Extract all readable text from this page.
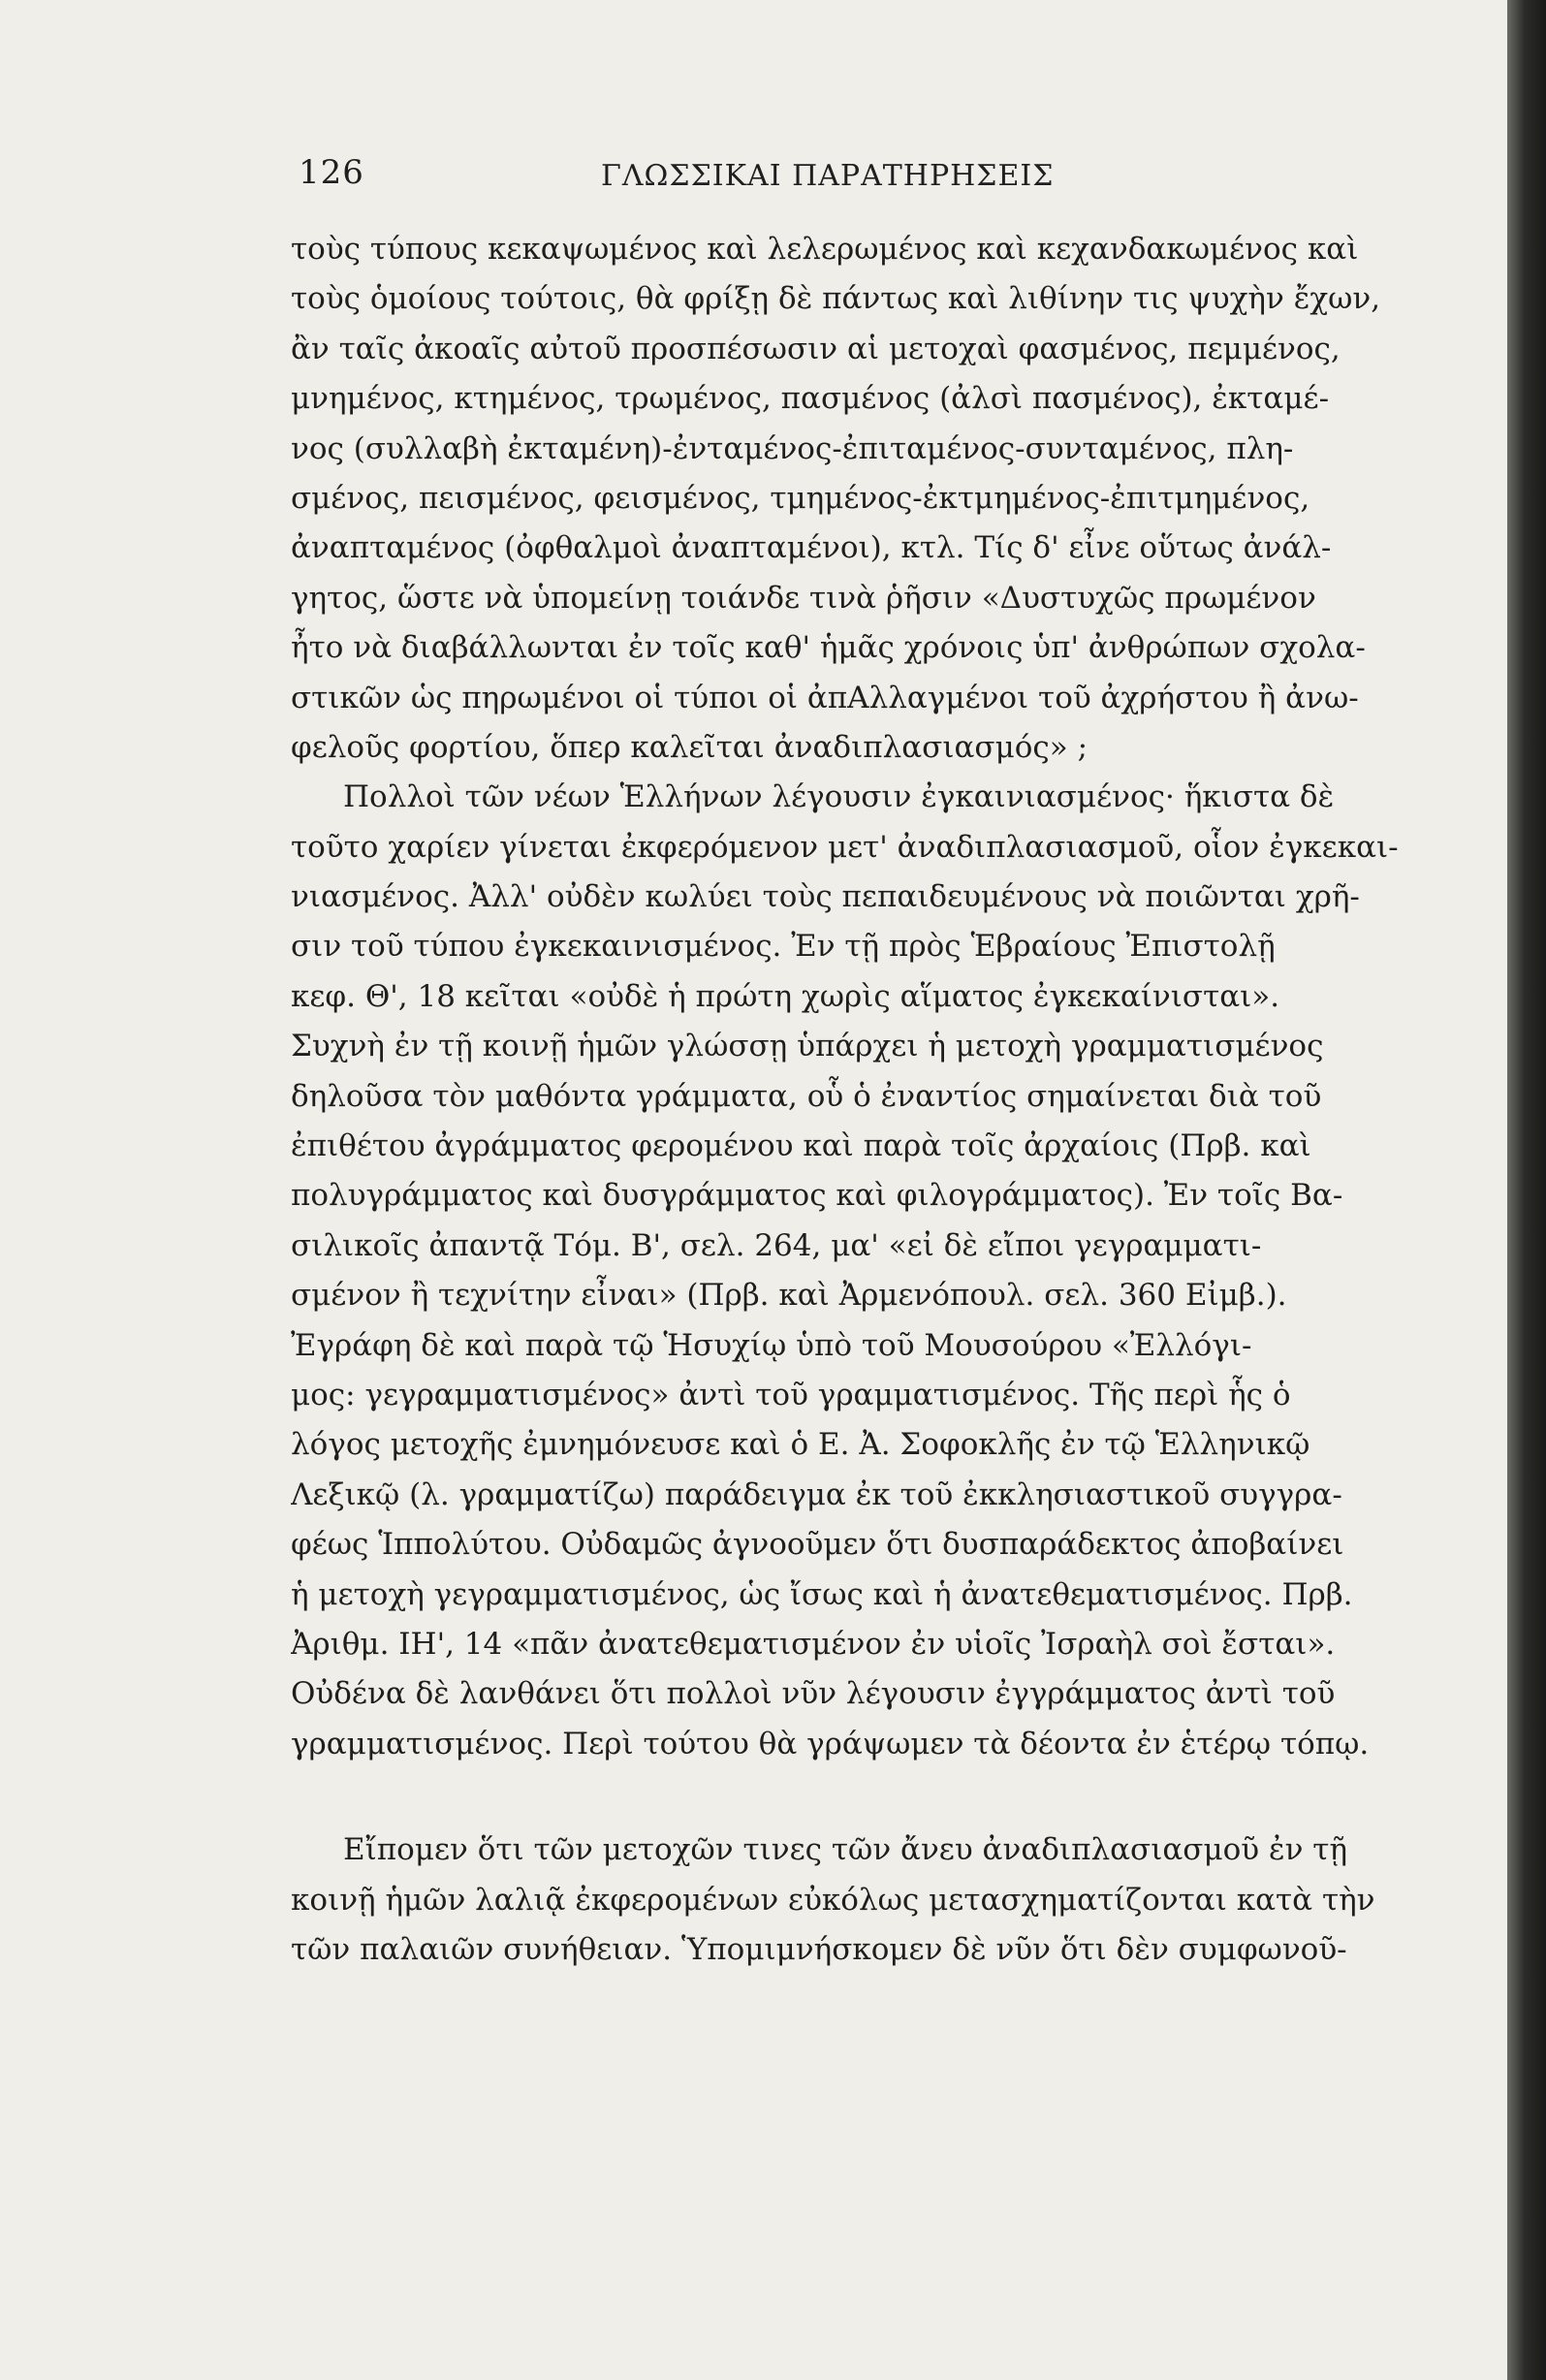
126	ΓΛΩΣΣΙΚΑΙ ΠΑΡΑΤΗΡΗΣΕΙΣ
τοὺς τύπους κεκαψωμένος καὶ λελερωμένος καὶ κεχανδακωμένος καὶ
τοὺς ὁμοίους τούτοις, θὰ φρίξῃ δὲ πάντως καὶ λιθίνην τις ψυχὴν ἔχων,
ἂν ταῖς ἀκοαῖς αὐτοῦ προσπέσωσιν αἱ μετοχαὶ φασμένος, πεμμένος,
μνημένος, κτημένος, τρωμένος, πασμένος (ἀλσὶ πασμένος), ἐκταμέ-
νος (συλλαβὴ ἐκταμένη)-ἐνταμένος-ἐπιταμένος-συνταμένος, πλη-
σμένος, πεισμένος, φεισμένος, τμημένος-ἐκτμημένος-ἐπιτμημένος,
ἀναπταμένος (ὀφθαλμοὶ ἀναπταμένοι), κτλ. Τίς δ' εἶνε οὕτως ἀνάλ-
γητος, ὥστε νὰ ὑπομείνῃ τοιάνδε τινὰ ῥῆσιν «Δυστυχῶς πρωμένον
ἦτο νὰ διαβάλλωνται ἐν τοῖς καθ' ἡμᾶς χρόνοις ὑπ' ἀνθρώπων σχολα-
στικῶν ὡς πηρωμένοι οἱ τύποι οἱ ἀπΑλλαγμένοι τοῦ ἀχρήστου ἢ ἀνω-
φελοῦς φορτίου, ὅπερ καλεῖται ἀναδιπλασιασμός» ;
Πολλοὶ τῶν νέων Ἑλλήνων λέγουσιν ἐγκαινιασμένος· ἥκιστα δὲ
τοῦτο χαρίεν γίνεται ἐκφερόμενον μετ' ἀναδιπλασιασμοῦ, οἷον ἐγκεκαι-
νιασμένος. Ἀλλ' οὐδὲν κωλύει τοὺς πεπαιδευμένους νὰ ποιῶνται χρῆ-
σιν τοῦ τύπου ἐγκεκαινισμένος. Ἐν τῇ πρὸς Ἑβραίους Ἐπιστολῇ
κεφ. Θ', 18 κεῖται «οὐδὲ ἡ πρώτη χωρὶς αἵματος ἐγκεκαίνισται».
Συχνὴ ἐν τῇ κοινῇ ἡμῶν γλώσσῃ ὑπάρχει ἡ μετοχὴ γραμματισμένος
δηλοῦσα τὸν μαθόντα γράμματα, οὗ ὁ ἐναντίος σημαίνεται διὰ τοῦ
ἐπιθέτου ἀγράμματος φερομένου καὶ παρὰ τοῖς ἀρχαίοις (Πρβ. καὶ
πολυγράμματος καὶ δυσγράμματος καὶ φιλογράμματος). Ἐν τοῖς Βα-
σιλικοῖς ἀπαντᾷ Τόμ. Β', σελ. 264, μα' «εἰ δὲ εἴποι γεγραμματι-
σμένον ἢ τεχνίτην εἶναι» (Πρβ. καὶ Ἀρμενόπουλ. σελ. 360 Εἰμβ.).
Ἐγράφη δὲ καὶ παρὰ τῷ Ἡσυχίῳ ὑπὸ τοῦ Μουσούρου «Ἐλλόγι-
μος: γεγραμματισμένος» ἀντὶ τοῦ γραμματισμένος. Τῆς περὶ ἧς ὁ
λόγος μετοχῆς ἐμνημόνευσε καὶ ὁ Ε. Ἀ. Σοφοκλῆς ἐν τῷ Ἑλληνικῷ
Λεξικῷ (λ. γραμματίζω) παράδειγμα ἐκ τοῦ ἐκκλησιαστικοῦ συγγρα-
φέως Ἱππολύτου. Οὐδαμῶς ἀγνοοῦμεν ὅτι δυσπαράδεκτος ἀποβαίνει
ἡ μετοχὴ γεγραμματισμένος, ὡς ἴσως καὶ ἡ ἀνατεθεματισμένος. Πρβ.
Ἀριθμ. ΙΗ', 14 «πᾶν ἀνατεθεματισμένον ἐν υἱοῖς Ἰσραὴλ σοὶ ἔσται».
Οὐδένα δὲ λανθάνει ὅτι πολλοὶ νῦν λέγουσιν ἐγγράμματος ἀντὶ τοῦ
γραμματισμένος. Περὶ τούτου θὰ γράψωμεν τὰ δέοντα ἐν ἑτέρῳ τόπῳ.
Εἴπομεν ὅτι τῶν μετοχῶν τινες τῶν ἄνευ ἀναδιπλασιασμοῦ ἐν τῇ
κοινῇ ἡμῶν λαλιᾷ ἐκφερομένων εὐκόλως μετασχηματίζονται κατὰ τὴν
τῶν παλαιῶν συνήθειαν. Ὑπομιμνήσκομεν δὲ νῦν ὅτι δὲν συμφωνοῦ-
